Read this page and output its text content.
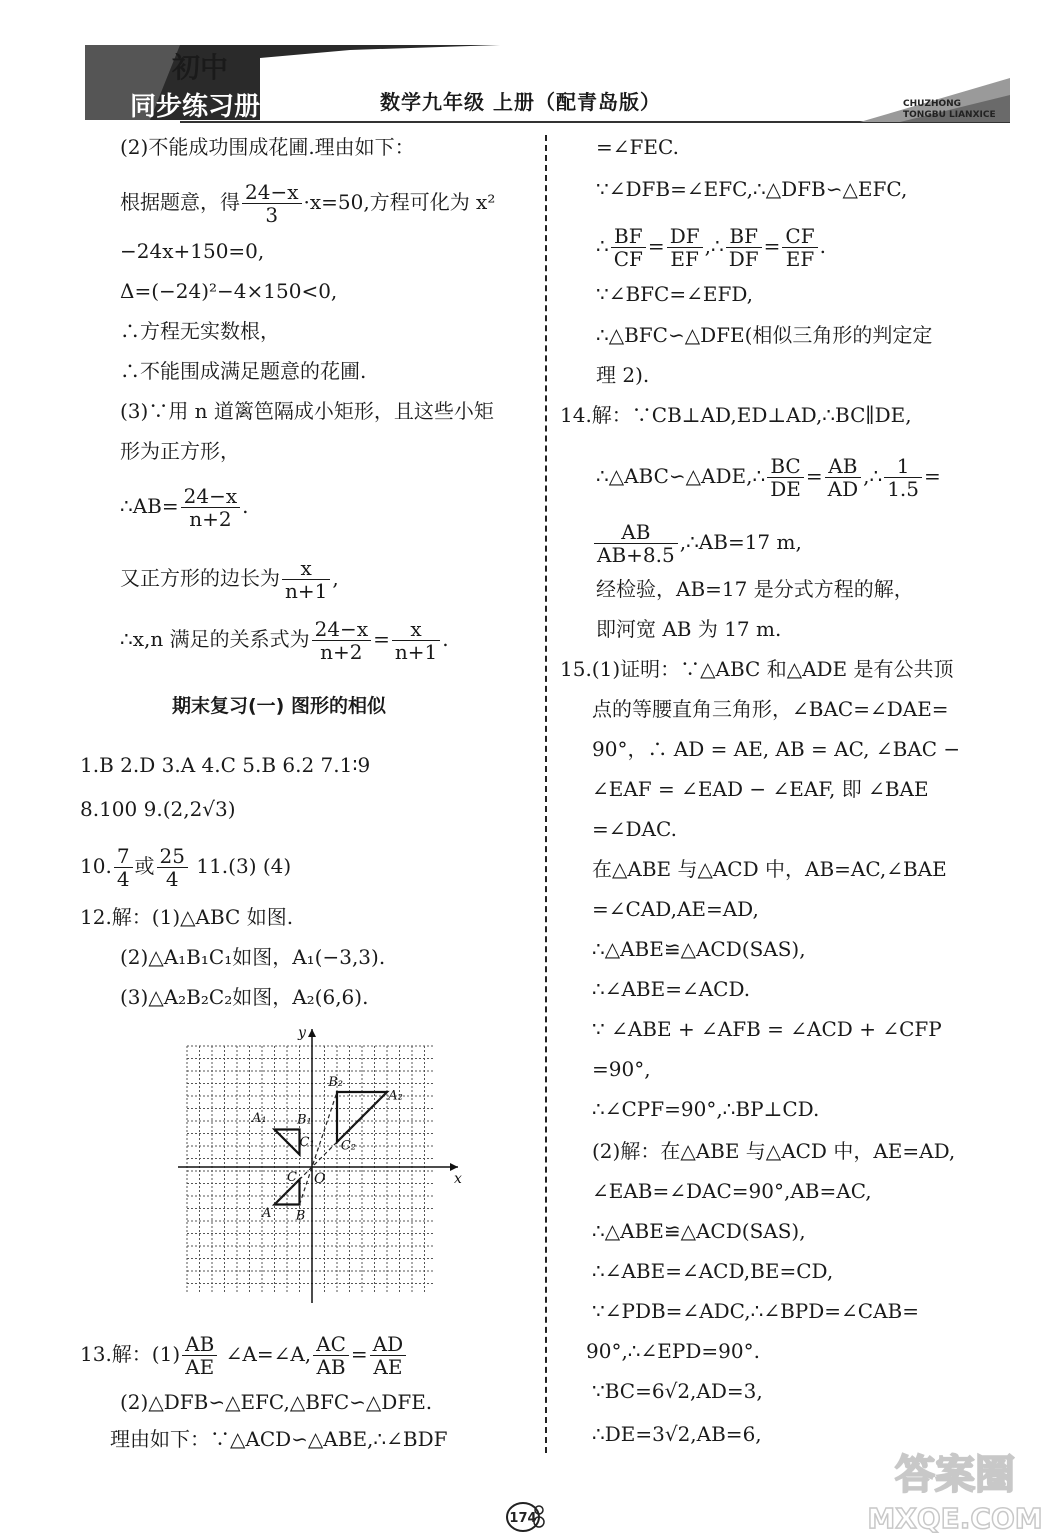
初中
同步练习册	数学九年级 上册（配青岛版）	CHUZHONG
TONGBU LIANXICE
(2)不能成功围成花圃.理由如下：
根据题意，得 $\frac{24-x}{3} \cdot x=50$,方程可化为 x²
−24x+150=0,
Δ=(−24)²−4×150<0,
∴方程无实数根，
∴不能围成满足题意的花圃.
(3)∵用 n 道篱笆隔成小矩形，且这些小矩
形为正方形，
∴AB= $\frac{24-x}{n+2}$ .
又正方形的边长为 $\frac{x}{n+1}$ ,
∴x,n 满足的关系式为 $\frac{24-x}{n+2} = \frac{x}{n+1}$ .
期末复习(一) 图形的相似
1.B 2.D 3.A 4.C 5.B 6.2 7.1∶9
8.100 9.(2,2√3)
10. $\frac{7}{4}$ 或 $\frac{25}{4} 11.(3)$ (4)
12.解：(1)△ABC 如图.
(2)△A₁B₁C₁如图，A₁(−3,3).
(3)△A₂B₂C₂如图，A₂(6,6).
13.解：$(1) \frac{AB}{AE}$ ∠A=∠A, $\frac{AC}{AB} = \frac{AD}{AE}$
(2)△DFB∽△EFC,△BFC∽△DFE.
理由如下：∵△ACD∽△ABE,∴∠BDF
A B
C
A₁ B₁
C₁
A₂
B₂
C₂
x
y
O
=∠FEC.
∵∠DFB=∠EFC,∴△DFB∽△EFC,
∴ $\frac{BF}{CF} = \frac{DF}{EF}$ ,∴ $\frac{BF}{DF} = \frac{CF}{EF}$ .
∵∠BFC=∠EFD,
∴△BFC∽△DFE(相似三角形的判定定
理 2).
14.解：∵CB⊥AD,ED⊥AD,∴BC∥DE,
∴△ABC∽△ADE,∴ $\frac{BC}{DE} = \frac{AB}{AD}$ ,∴ $\frac{1}{1.5}$ =
$\frac{AB}{AB+8.5}$ ,∴AB=17 m,
经检验，AB=17 是分式方程的解，
即河宽 AB 为 17 m.
15.(1)证明：∵△ABC 和△ADE 是有公共顶
点的等腰直角三角形，∠BAC=∠DAE=
90°，∴ AD = AE, AB = AC, ∠BAC −
∠EAF = ∠EAD − ∠EAF, 即 ∠BAE
=∠DAC.
在△ABE 与△ACD 中，AB=AC,∠BAE
=∠CAD,AE=AD,
∴△ABE≌△ACD(SAS),
∴∠ABE=∠ACD.
∵ ∠ABE + ∠AFB = ∠ACD + ∠CFP
=90°,
∴∠CPF=90°,∴BP⊥CD.
(2)解：在△ABE 与△ACD 中，AE=AD,
∠EAB=∠DAC=90°,AB=AC,
∴△ABE≌△ACD(SAS),
∴∠ABE=∠ACD,BE=CD,
∵∠PDB=∠ADC,∴∠BPD=∠CAB=
90°,∴∠EPD=90°.
∵BC=6√2,AD=3,
∴DE=3√2,AB=6,
174
答案圈
MXQE.COM
